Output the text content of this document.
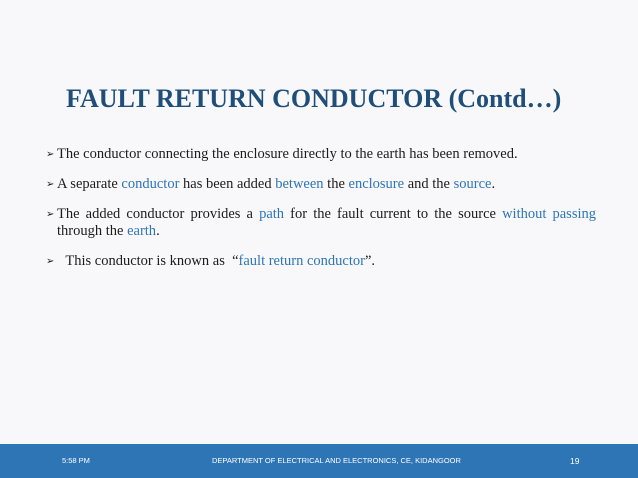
FAULT RETURN CONDUCTOR (Contd…)
➢ The conductor connecting the enclosure directly to the earth has been removed.
➢ A separate conductor has been added between the enclosure and the source.
➢ The added conductor provides a path for the fault current to the source without passing through the earth.
➢ This conductor is known as  “fault return conductor”.
5:58 PM	DEPARTMENT OF ELECTRICAL AND ELECTRONICS, CE, KIDANGOOR	19
